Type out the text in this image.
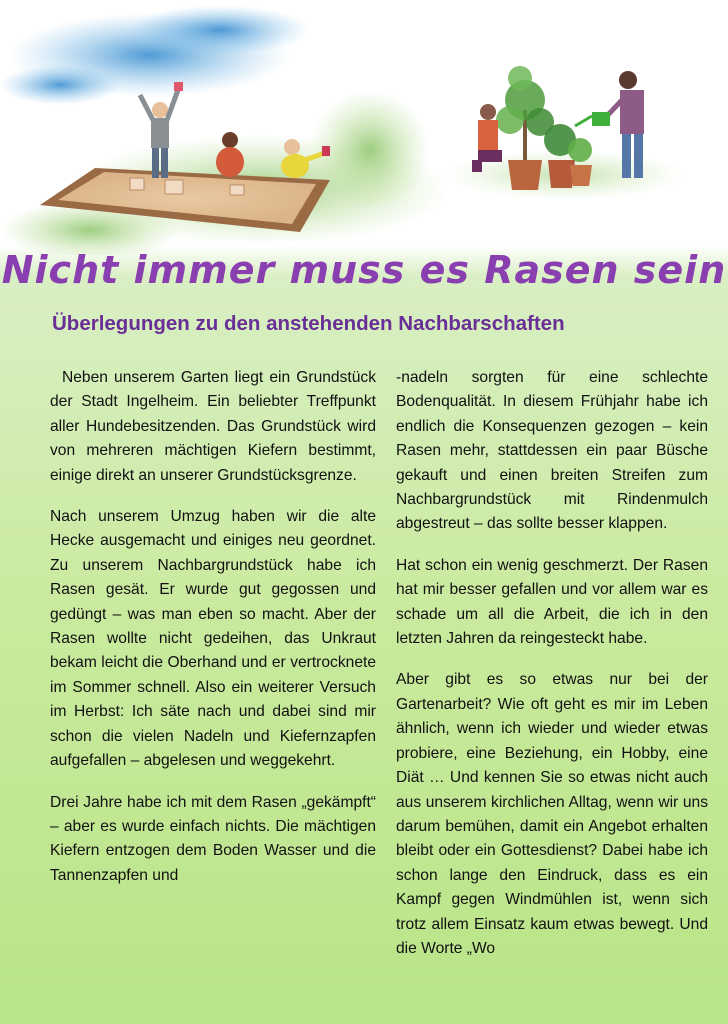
Nicht immer muss es Rasen sein
Überlegungen zu den anstehenden Nachbarschaften

Neben unserem Garten liegt ein Grundstück der Stadt Ingelheim. Ein beliebter Treffpunkt aller Hundebesitzenden. Das Grundstück wird von mehreren mächtigen Kiefern bestimmt, einige direkt an unserer Grundstücksgrenze.

Nach unserem Umzug haben wir die alte Hecke ausgemacht und einiges neu geordnet. Zu unserem Nachbargrundstück habe ich Rasen gesät. Er wurde gut gegossen und gedüngt – was man eben so macht. Aber der Rasen wollte nicht gedeihen, das Unkraut bekam leicht die Oberhand und er vertrocknete im Sommer schnell. Also ein weiterer Versuch im Herbst: Ich säte nach und dabei sind mir schon die vielen Nadeln und Kiefernzapfen aufgefallen – abgelesen und weggekehrt.

Drei Jahre habe ich mit dem Rasen „gekämpft“ – aber es wurde einfach nichts. Die mächtigen Kiefern entzogen dem Boden Wasser und die Tannenzapfen und

-nadeln sorgten für eine schlechte Bodenqualität. In diesem Frühjahr habe ich endlich die Konsequenzen gezogen – kein Rasen mehr, stattdessen ein paar Büsche gekauft und einen breiten Streifen zum Nachbargrundstück mit Rindenmulch abgestreut – das sollte besser klappen.

Hat schon ein wenig geschmerzt. Der Rasen hat mir besser gefallen und vor allem war es schade um all die Arbeit, die ich in den letzten Jahren da reingesteckt habe.

Aber gibt es so etwas nur bei der Gartenarbeit? Wie oft geht es mir im Leben ähnlich, wenn ich wieder und wieder etwas probiere, eine Beziehung, ein Hobby, eine Diät … Und kennen Sie so etwas nicht auch aus unserem kirchlichen Alltag, wenn wir uns darum bemühen, damit ein Angebot erhalten bleibt oder ein Gottesdienst? Dabei habe ich schon lange den Eindruck, dass es ein Kampf gegen Windmühlen ist, wenn sich trotz allem Einsatz kaum etwas bewegt. Und die Worte „Wo
